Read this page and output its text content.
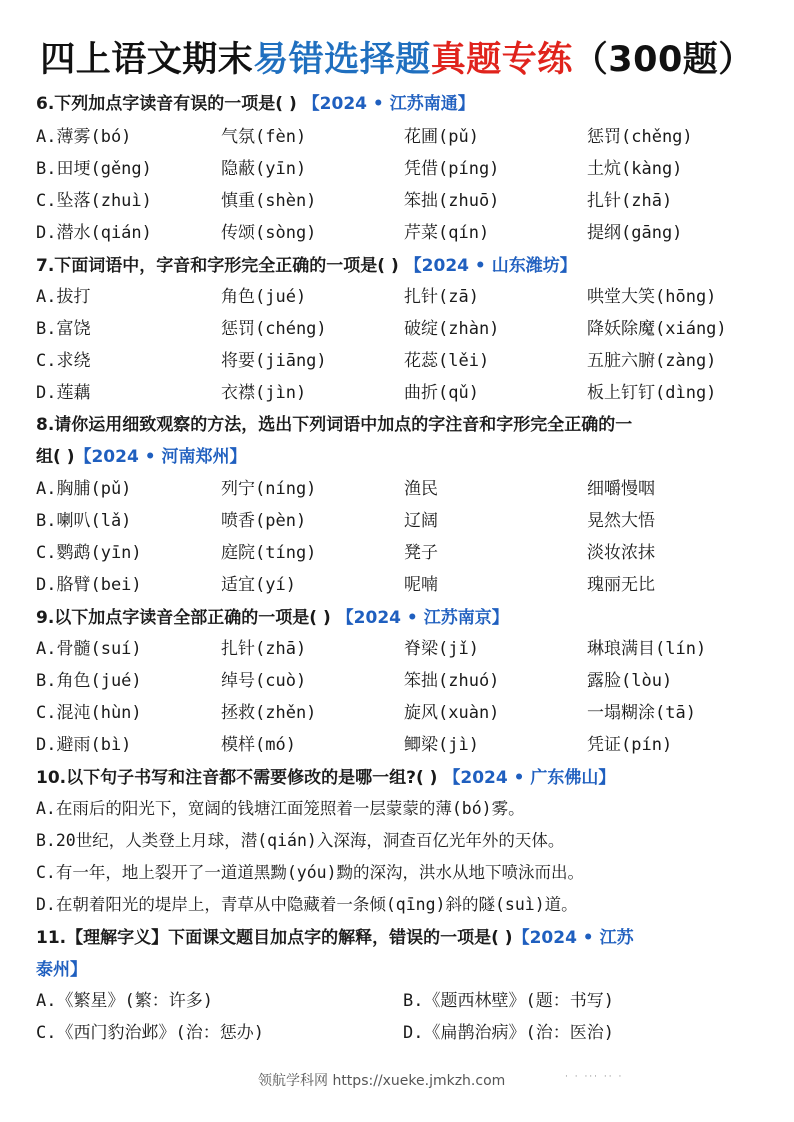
四上语文期末易错选择题真题专练（300题）
6.下列加点字读音有误的一项是( ) 【2024 • 江苏南通】
A.薄雾(bó)	气氛(fèn)	花圃(pǔ)	惩罚(chěng)
B.田埂(gěng)	隐蔽(yīn)	凭借(píng)	土炕(kàng)
C.坠落(zhuì)	慎重(shèn)	笨拙(zhuō)	扎针(zhā)
D.潜水(qián)	传颂(sòng)	芹菜(qín)	提纲(gāng)
7.下面词语中，字音和字形完全正确的一项是( ) 【2024 • 山东潍坊】
A.拔打	角色(jué)	扎针(zā)	哄堂大笑(hōng)
B.富饶	惩罚(chéng)	破绽(zhàn)	降妖除魔(xiáng)
C.求绕	将要(jiāng)	花蕊(lěi)	五脏六腑(zàng)
D.莲藕	衣襟(jìn)	曲折(qǔ)	板上钉钉(dìng)
8.请你运用细致观察的方法，选出下列词语中加点的字注音和字形完全正确的一
组( )【2024 • 河南郑州】
A.胸脯(pǔ)	列宁(níng)	渔民	细嚼慢咽
B.喇叭(lǎ)	喷香(pèn)	辽阔	晃然大悟
C.鹦鹉(yīn)	庭院(tíng)	凳子	淡妆浓抹
D.胳臂(bei)	适宜(yí)	呢喃	瑰丽无比
9.以下加点字读音全部正确的一项是( ) 【2024 • 江苏南京】
A.骨髓(suí)	扎针(zhā)	脊梁(jǐ)	琳琅满目(lín)
B.角色(jué)	绰号(cuò)	笨拙(zhuó)	露脸(lòu)
C.混沌(hùn)	拯救(zhěn)	旋风(xuàn)	一塌糊涂(tā)
D.避雨(bì)	模样(mó)	鲫梁(jì)	凭证(pín)
10.以下句子书写和注音都不需要修改的是哪一组?( ) 【2024 • 广东佛山】
A.在雨后的阳光下，宽阔的钱塘江面笼照着一层蒙蒙的薄(bó)雾。
B.20世纪，人类登上月球，潜(qián)入深海，洞查百亿光年外的天体。
C.有一年，地上裂开了一道道黑黝(yóu)黝的深沟，洪水从地下喷泳而出。
D.在朝着阳光的堤岸上，青草从中隐藏着一条倾(qīng)斜的隧(suì)道。
11.【理解字义】下面课文题目加点字的解释，错误的一项是( )【2024 • 江苏
泰州】
A.《繁星》(繁：许多)	B.《题西林壁》(题：书写)
C.《西门豹治邺》(治：惩办)	D.《扁鹊治病》(治：医治)
领航学科网 https://xueke.jmkzh.com	· · ··· ·· ·
